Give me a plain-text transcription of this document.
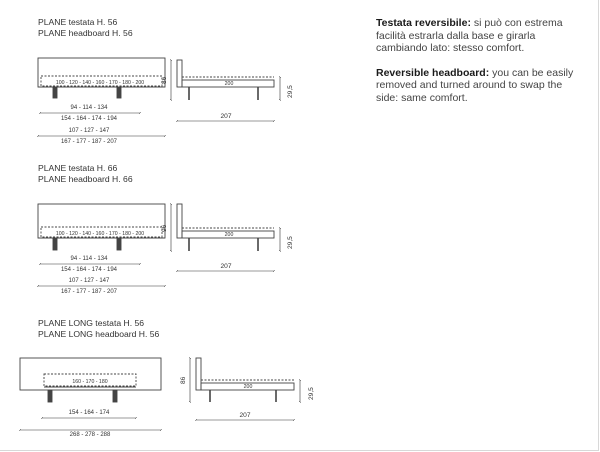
PLANE testata H. 56
PLANE headboard H. 56
PLANE testata H. 66
PLANE headboard H. 66
PLANE LONG testata H. 56
PLANE LONG headboard H. 56

Testata reversibile: si può con estrema facilità estrarla dalla base e girarla cambiando lato: stesso comfort.

Reversible headboard: you can be easily removed and turned around to swap the side: same comfort.

100 - 120 - 140 - 160 - 170 - 180 - 200
94 - 114 - 134
154 - 164 - 174 - 194
107 - 127 - 147
167 - 177 - 187 - 207
86	200
29,5
207
100 - 120 - 140 - 160 - 170 - 180 - 200
94 - 114 - 134
154 - 164 - 174 - 194
107 - 127 - 147
167 - 177 - 187 - 207
96
200
29,5
207
160 - 170 - 180
154 - 164 - 174
268 - 278 - 288
86
200
29,5
207
